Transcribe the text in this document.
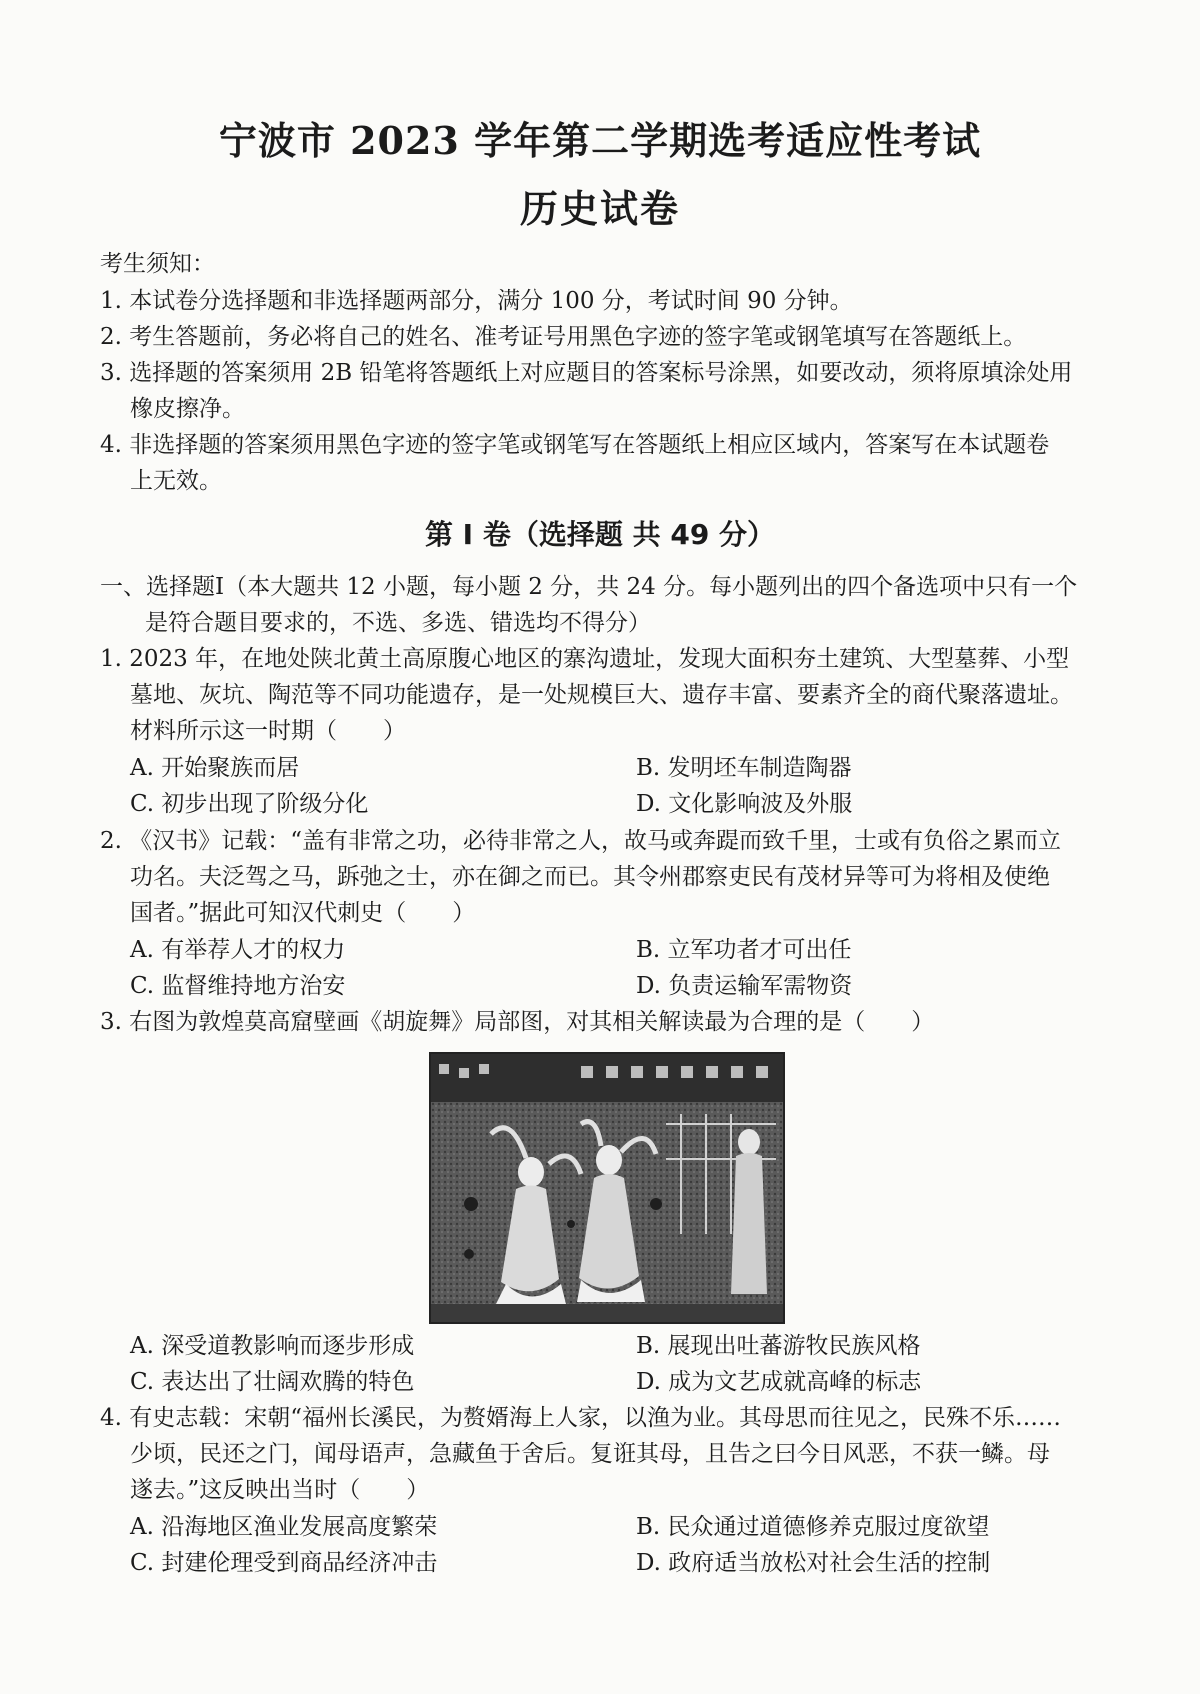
宁波市 2023 学年第二学期选考适应性考试
历史试卷
考生须知：
1. 本试卷分选择题和非选择题两部分，满分 100 分，考试时间 90 分钟。
2. 考生答题前，务必将自己的姓名、准考证号用黑色字迹的签字笔或钢笔填写在答题纸上。
3. 选择题的答案须用 2B 铅笔将答题纸上对应题目的答案标号涂黑，如要改动，须将原填涂处用
橡皮擦净。
4. 非选择题的答案须用黑色字迹的签字笔或钢笔写在答题纸上相应区域内，答案写在本试题卷
上无效。
第 Ⅰ 卷（选择题 共 49 分）
一、选择题Ⅰ（本大题共 12 小题，每小题 2 分，共 24 分。每小题列出的四个备选项中只有一个
是符合题目要求的，不选、多选、错选均不得分）
1. 2023 年，在地处陕北黄土高原腹心地区的寨沟遗址，发现大面积夯土建筑、大型墓葬、小型
墓地、灰坑、陶范等不同功能遗存，是一处规模巨大、遗存丰富、要素齐全的商代聚落遗址。
材料所示这一时期（　　）
A. 开始聚族而居	B. 发明坯车制造陶器
C. 初步出现了阶级分化	D. 文化影响波及外服
2. 《汉书》记载：“盖有非常之功，必待非常之人，故马或奔踶而致千里，士或有负俗之累而立
功名。夫泛驾之马，跅弛之士，亦在御之而已。其令州郡察吏民有茂材异等可为将相及使绝
国者。”据此可知汉代刺史（　　）
A. 有举荐人才的权力	B. 立军功者才可出任
C. 监督维持地方治安	D. 负责运输军需物资
3. 右图为敦煌莫高窟壁画《胡旋舞》局部图，对其相关解读最为合理的是（　　）
A. 深受道教影响而逐步形成	B. 展现出吐蕃游牧民族风格
C. 表达出了壮阔欢腾的特色	D. 成为文艺成就高峰的标志
4. 有史志载：宋朝“福州长溪民，为赘婿海上人家，以渔为业。其母思而往见之，民殊不乐……
少顷，民还之门，闻母语声，急藏鱼于舍后。复诳其母，且告之曰今日风恶，不获一鳞。母
遂去。”这反映出当时（　　）
A. 沿海地区渔业发展高度繁荣	B. 民众通过道德修养克服过度欲望
C. 封建伦理受到商品经济冲击	D. 政府适当放松对社会生活的控制
